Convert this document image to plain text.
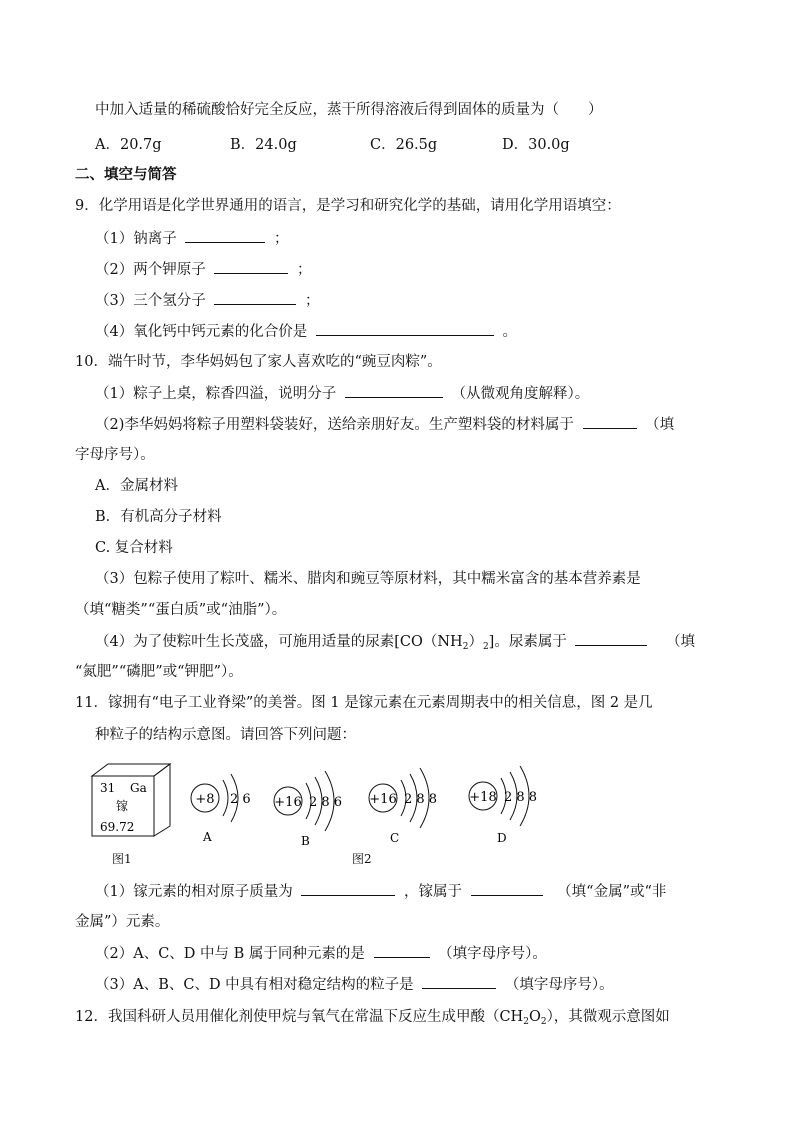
中加入适量的稀硫酸恰好完全反应，蒸干所得溶液后得到固体的质量为（　　）
A．20.7g	B．24.0g	C．26.5g	D．30.0g
二、填空与简答
9．化学用语是化学世界通用的语言，是学习和研究化学的基础，请用化学用语填空：
（1）钠离子	；
（2）两个钾原子	；
（3）三个氢分子	；
（4）氧化钙中钙元素的化合价是	。
10．端午时节，李华妈妈包了家人喜欢吃的“豌豆肉粽”。
（1）粽子上桌，粽香四溢，说明分子	（从微观角度解释）。
（2)李华妈妈将粽子用塑料袋装好，送给亲朋好友。生产塑料袋的材料属于	（填
字母序号）。
A．金属材料
B．有机高分子材料
C. 复合材料
（3）包粽子使用了粽叶、糯米、腊肉和豌豆等原材料，其中糯米富含的基本营养素是
（填“糖类”“蛋白质”或“油脂”）。
（4）为了使粽叶生长茂盛，可施用适量的尿素$[CO(NH_2)_2]$。尿素属于	（填
“氮肥”“磷肥”或“钾肥”）。
11．镓拥有“电子工业脊梁”的美誉。图 1 是镓元素在元素周期表中的相关信息，图 2 是几
种粒子的结构示意图。请回答下列问题：
31 Ga
镓
69.72
图1
+8 2 6
A
+16 2 8 6
B
+16 2 8 8
C
+18 2 8 8
D
图2
（1）镓元素的相对原子质量为	，镓属于	（填“金属”或“非
金属”）元素。
（2）A、C、D 中与 B 属于同种元素的是	（填字母序号）。
（3）A、B、C、D 中具有相对稳定结构的粒子是	（填字母序号）。
12．我国科研人员用催化剂使甲烷与氧气在常温下反应生成甲酸$(CH_2O_2)$，其微观示意图如
